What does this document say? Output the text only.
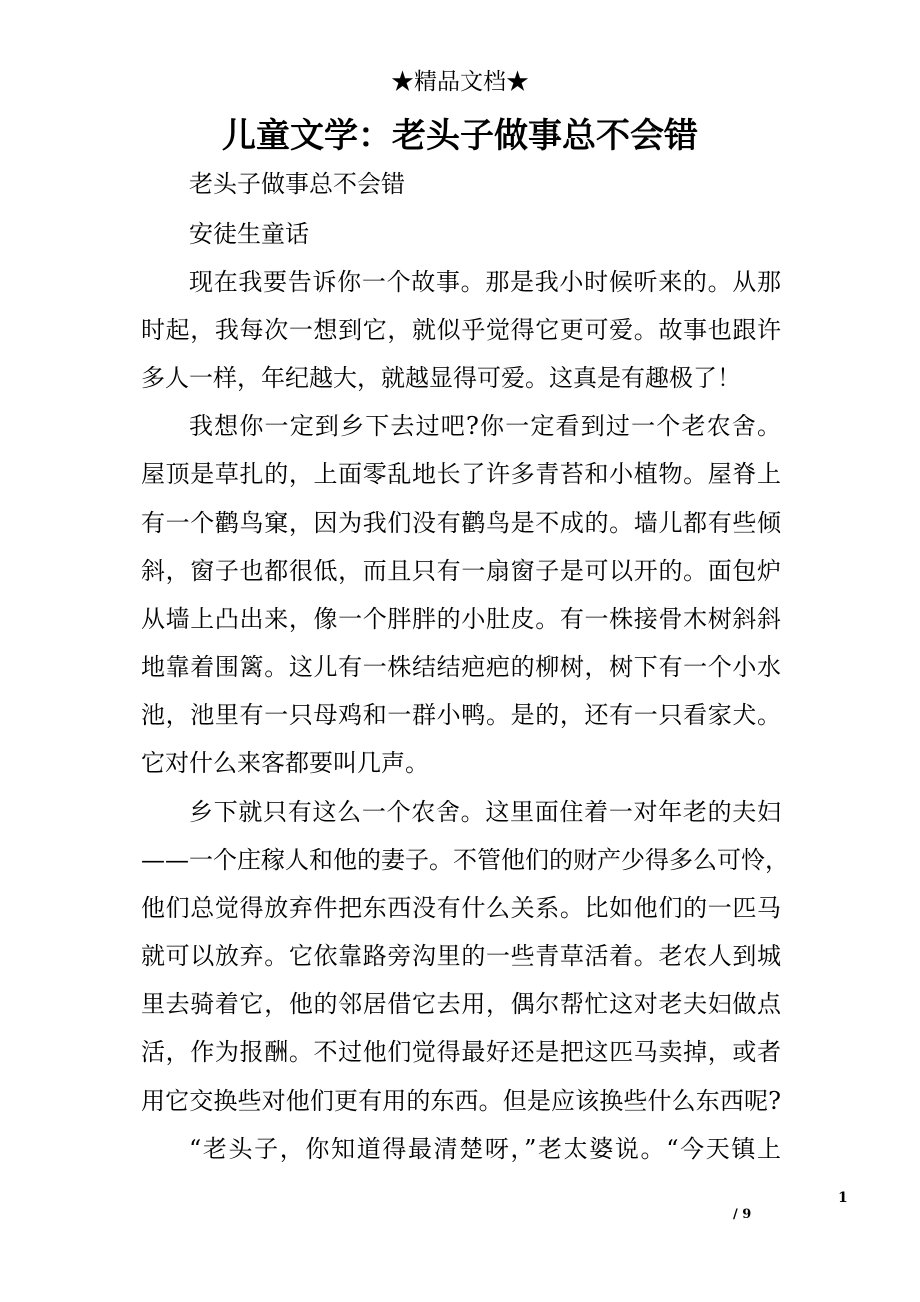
★精品文档★

儿童文学：老头子做事总不会错

老头子做事总不会错

安徒生童话

现在我要告诉你一个故事。那是我小时候听来的。从那

时起，我每次一想到它，就似乎觉得它更可爱。故事也跟许

多人一样，年纪越大，就越显得可爱。这真是有趣极了！

我想你一定到乡下去过吧?你一定看到过一个老农舍。

屋顶是草扎的，上面零乱地长了许多青苔和小植物。屋脊上

有一个鹳鸟窠，因为我们没有鹳鸟是不成的。墙儿都有些倾

斜，窗子也都很低，而且只有一扇窗子是可以开的。面包炉

从墙上凸出来，像一个胖胖的小肚皮。有一株接骨木树斜斜

地靠着围篱。这儿有一株结结疤疤的柳树，树下有一个小水

池，池里有一只母鸡和一群小鸭。是的，还有一只看家犬。

它对什么来客都要叫几声。

乡下就只有这么一个农舍。这里面住着一对年老的夫妇

——一个庄稼人和他的妻子。不管他们的财产少得多么可怜，

他们总觉得放弃件把东西没有什么关系。比如他们的一匹马

就可以放弃。它依靠路旁沟里的一些青草活着。老农人到城

里去骑着它，他的邻居借它去用，偶尔帮忙这对老夫妇做点

活，作为报酬。不过他们觉得最好还是把这匹马卖掉，或者

用它交换些对他们更有用的东西。但是应该换些什么东西呢?

“老头子，你知道得最清楚呀，”老太婆说。“今天镇上

1

/ 9
